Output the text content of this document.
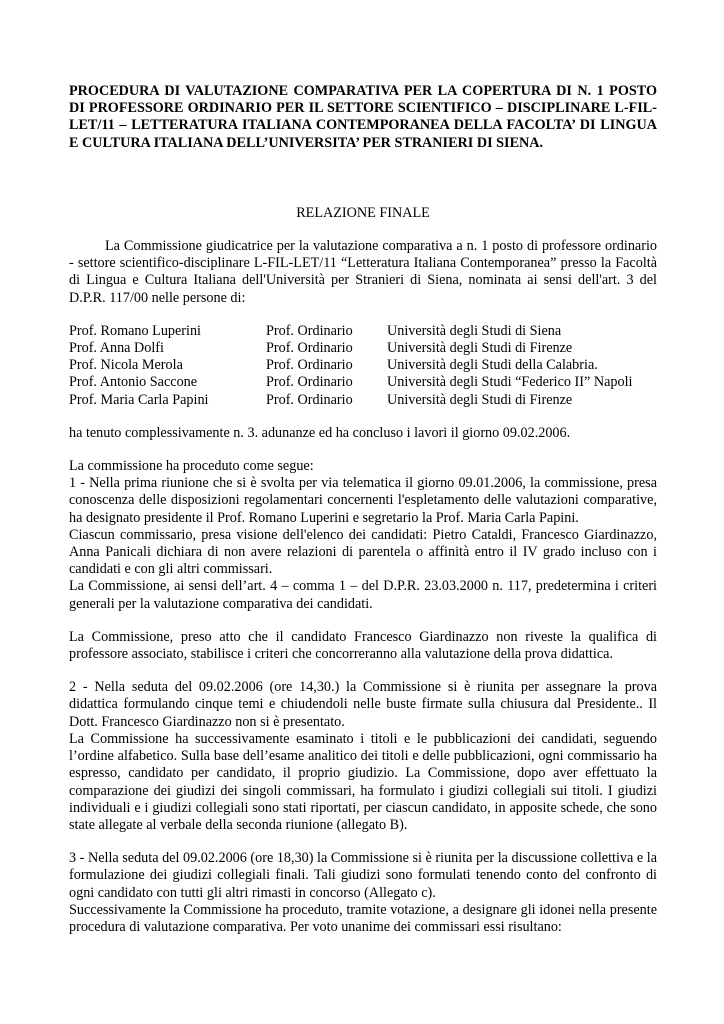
PROCEDURA DI VALUTAZIONE COMPARATIVA PER LA COPERTURA DI N. 1 POSTO DI PROFESSORE ORDINARIO PER IL SETTORE SCIENTIFICO – DISCIPLINARE L-FIL-LET/11 – LETTERATURA ITALIANA CONTEMPORANEA DELLA FACOLTA’ DI LINGUA E CULTURA ITALIANA DELL’UNIVERSITA’ PER STRANIERI DI SIENA.

RELAZIONE FINALE

La Commissione giudicatrice per la valutazione comparativa a n. 1 posto di professore ordinario - settore scientifico-disciplinare L-FIL-LET/11 “Letteratura Italiana Contemporanea” presso la Facoltà di Lingua e Cultura Italiana dell'Università per Stranieri di Siena, nominata ai sensi dell'art. 3 del D.P.R. 117/00 nelle persone di:

Prof. Romano Luperini	Prof. Ordinario	Università degli Studi di Siena
Prof. Anna Dolfi	Prof. Ordinario	Università degli Studi di Firenze
Prof. Nicola Merola	Prof. Ordinario	Università degli Studi della Calabria.
Prof. Antonio Saccone	Prof. Ordinario	Università degli Studi “Federico II” Napoli
Prof. Maria Carla Papini	Prof. Ordinario	Università degli Studi di Firenze

ha tenuto complessivamente n. 3. adunanze ed ha concluso i lavori il giorno 09.02.2006.

La commissione ha proceduto come segue:

1 - Nella prima riunione che si è svolta per via telematica il giorno 09.01.2006, la commissione, presa conoscenza delle disposizioni regolamentari concernenti l'espletamento delle valutazioni comparative, ha designato presidente il Prof. Romano Luperini e segretario la Prof. Maria Carla Papini.

Ciascun commissario, presa visione dell'elenco dei candidati: Pietro Cataldi, Francesco Giardinazzo, Anna Panicali dichiara di non avere relazioni di parentela o affinità entro il IV grado incluso con i candidati e con gli altri commissari.

La Commissione, ai sensi dell’art. 4 – comma 1 – del D.P.R. 23.03.2000 n. 117, predetermina i criteri generali per la valutazione comparativa dei candidati.

La Commissione, preso atto che il candidato Francesco Giardinazzo non riveste la qualifica di professore associato, stabilisce i criteri che concorreranno alla valutazione della prova didattica.

2 - Nella seduta del 09.02.2006 (ore 14,30.) la Commissione si è riunita per assegnare la prova didattica formulando cinque temi e chiudendoli nelle buste firmate sulla chiusura dal Presidente.. Il Dott. Francesco Giardinazzo non si è presentato.

La Commissione ha successivamente esaminato i titoli e le pubblicazioni dei candidati, seguendo l’ordine alfabetico. Sulla base dell’esame analitico dei titoli e delle pubblicazioni, ogni commissario ha espresso, candidato per candidato, il proprio giudizio. La Commissione, dopo aver effettuato la comparazione dei giudizi dei singoli commissari, ha formulato i giudizi collegiali sui titoli. I giudizi individuali e i giudizi collegiali sono stati riportati, per ciascun candidato, in apposite schede, che sono state allegate al verbale della seconda riunione (allegato B).

3 - Nella seduta del 09.02.2006 (ore 18,30) la Commissione si è riunita per la discussione collettiva e la formulazione dei giudizi collegiali finali. Tali giudizi sono formulati tenendo conto del confronto di ogni candidato con tutti gli altri rimasti in concorso (Allegato c).

Successivamente la Commissione ha proceduto, tramite votazione, a designare gli idonei nella presente procedura di valutazione comparativa. Per voto unanime dei commissari essi risultano:
